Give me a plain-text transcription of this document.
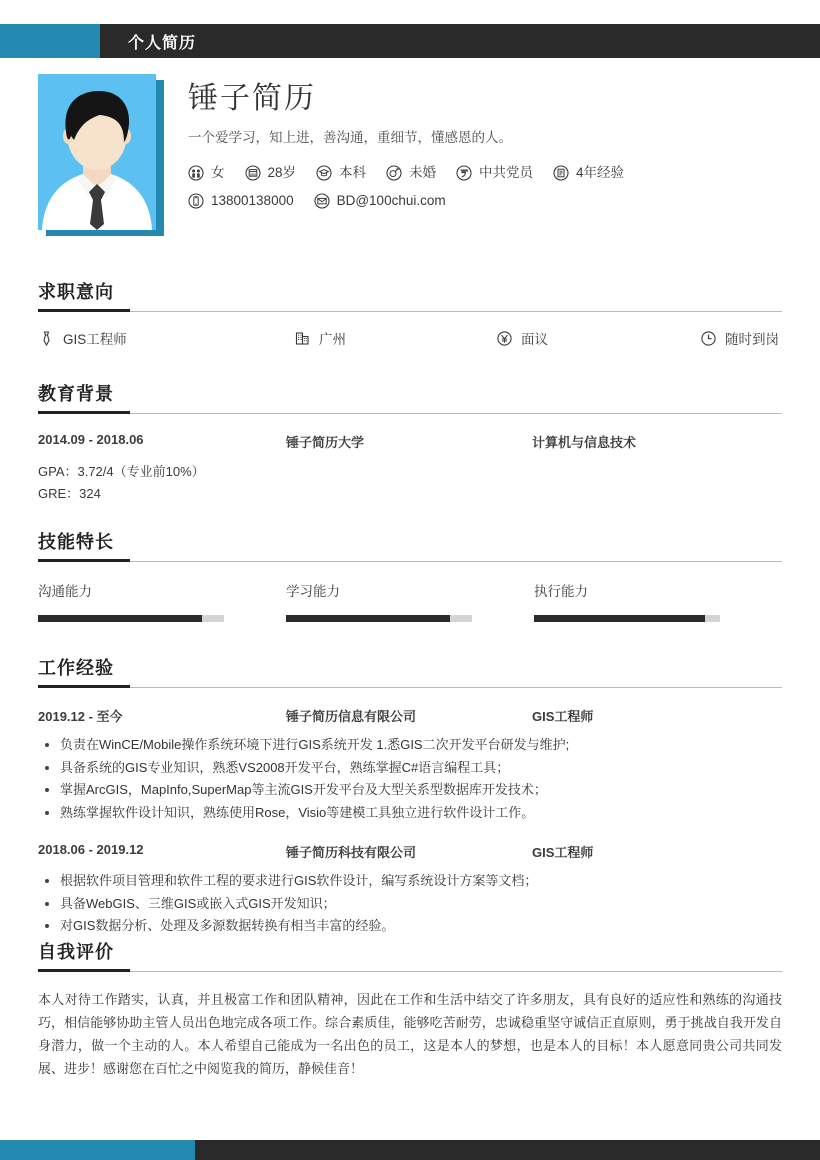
个人简历
锤子简历
一个爱学习，知上进，善沟通，重细节，懂感恩的人。
女	28岁	本科	未婚	中共党员	4年经验
13800138000	BD@100chui.com
求职意向
GIS工程师	广州	面议	随时到岗
教育背景
2014.09 - 2018.06	锤子简历大学	计算机与信息技术
GPA：3.72/4（专业前10%）
GRE：324
技能特长
沟通能力	学习能力	执行能力
工作经验
2019.12 - 至今	锤子简历信息有限公司	GIS工程师
负责在WinCE/Mobile操作系统环境下进行GIS系统开发 1.悉GIS二次开发平台研发与维护;
具备系统的GIS专业知识，熟悉VS2008开发平台，熟练掌握C#语言编程工具；
掌握ArcGIS，MapInfo,SuperMap等主流GIS开发平台及大型关系型数据库开发技术；
熟练掌握软件设计知识，熟练使用Rose，Visio等建模工具独立进行软件设计工作。
2018.06 - 2019.12	锤子简历科技有限公司	GIS工程师
根据软件项目管理和软件工程的要求进行GIS软件设计，编写系统设计方案等文档；
具备WebGIS、三维GIS或嵌入式GIS开发知识；
对GIS数据分析、处理及多源数据转换有相当丰富的经验。
自我评价
本人对待工作踏实，认真，并且极富工作和团队精神，因此在工作和生活中结交了许多朋友，具有良好的适应性和熟练的沟通技巧，相信能够协助主管人员出色地完成各项工作。综合素质佳，能够吃苦耐劳，忠诚稳重坚守诚信正直原则，勇于挑战自我开发自身潜力，做一个主动的人。本人希望自己能成为一名出色的员工，这是本人的梦想，也是本人的目标！本人愿意同贵公司共同发展、进步！感谢您在百忙之中阅览我的简历，静候佳音！
